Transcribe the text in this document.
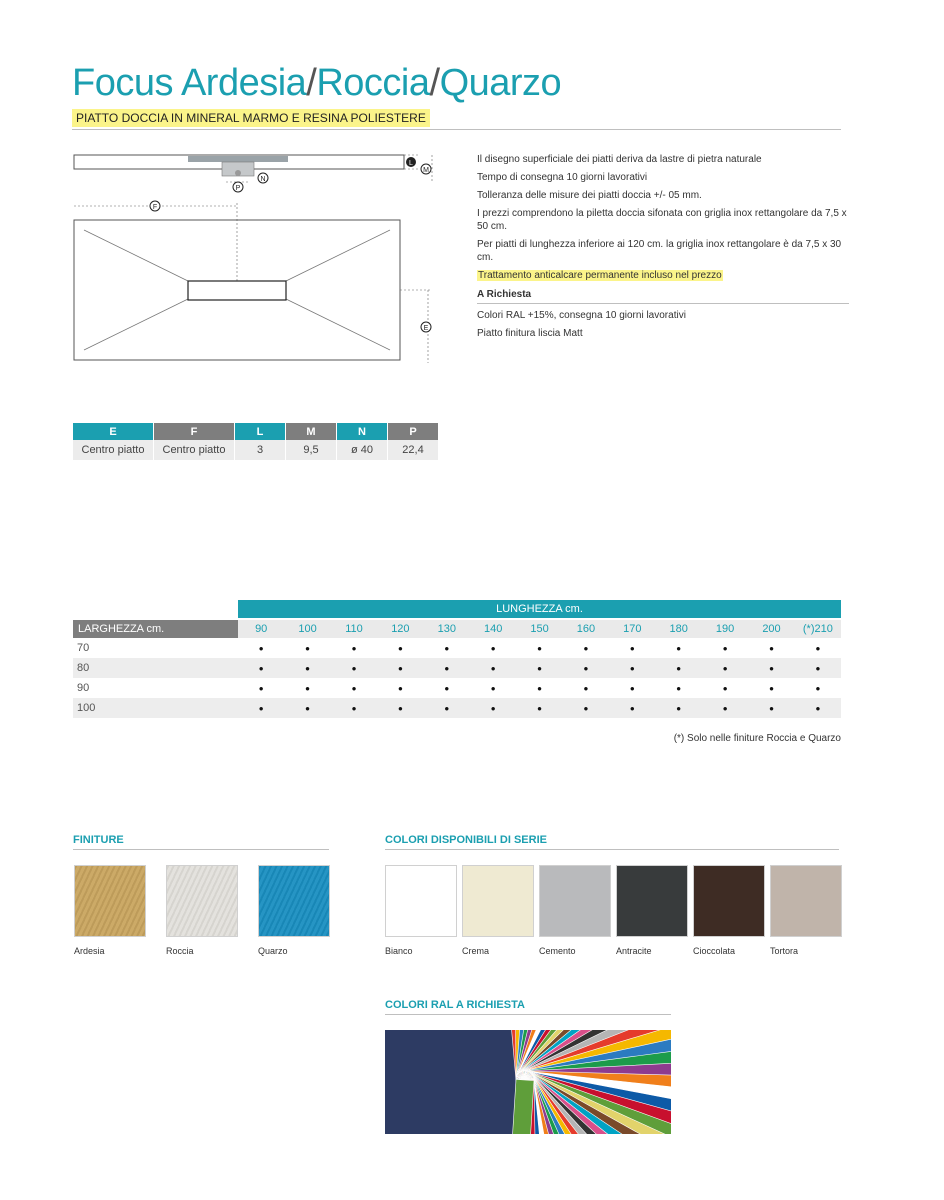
Focus Ardesia/Roccia/Quarzo
PIATTO DOCCIA IN MINERAL MARMO E RESINA POLIESTERE
L
M
N
P
F
E

Il disegno superficiale dei piatti deriva da lastre di pietra naturale

Tempo di consegna 10 giorni lavorativi

Tolleranza delle misure dei piatti doccia +/- 05 mm.

I prezzi comprendono la piletta doccia sifonata con griglia inox rettangolare da 7,5 x 50 cm.

Per piatti di lunghezza inferiore ai 120 cm. la griglia inox rettangolare è da 7,5 x 30 cm.

Trattamento anticalcare permanente incluso nel prezzo

A Richiesta

Colori RAL +15%, consegna 10 giorni lavorativi

Piatto finitura liscia Matt

E	F	L	M	N	P
Centro piatto	Centro piatto	3	9,5	ø 40	22,4
LUNGHEZZA cm.
LARGHEZZA cm.	90	100	110	120	130	140	150	160	170	180	190	200	(*)210
70	•	•	•	•	•	•	•	•	•	•	•	•	•
80	•	•	•	•	•	•	•	•	•	•	•	•	•
90	•	•	•	•	•	•	•	•	•	•	•	•	•
100	•	•	•	•	•	•	•	•	•	•	•	•	•
(*) Solo nelle finiture Roccia e Quarzo
FINITURE
Ardesia	Roccia	Quarzo
COLORI DISPONIBILI DI SERIE
Bianco	Crema	Cemento	Antracite	Cioccolata	Tortora
COLORI RAL A RICHIESTA
